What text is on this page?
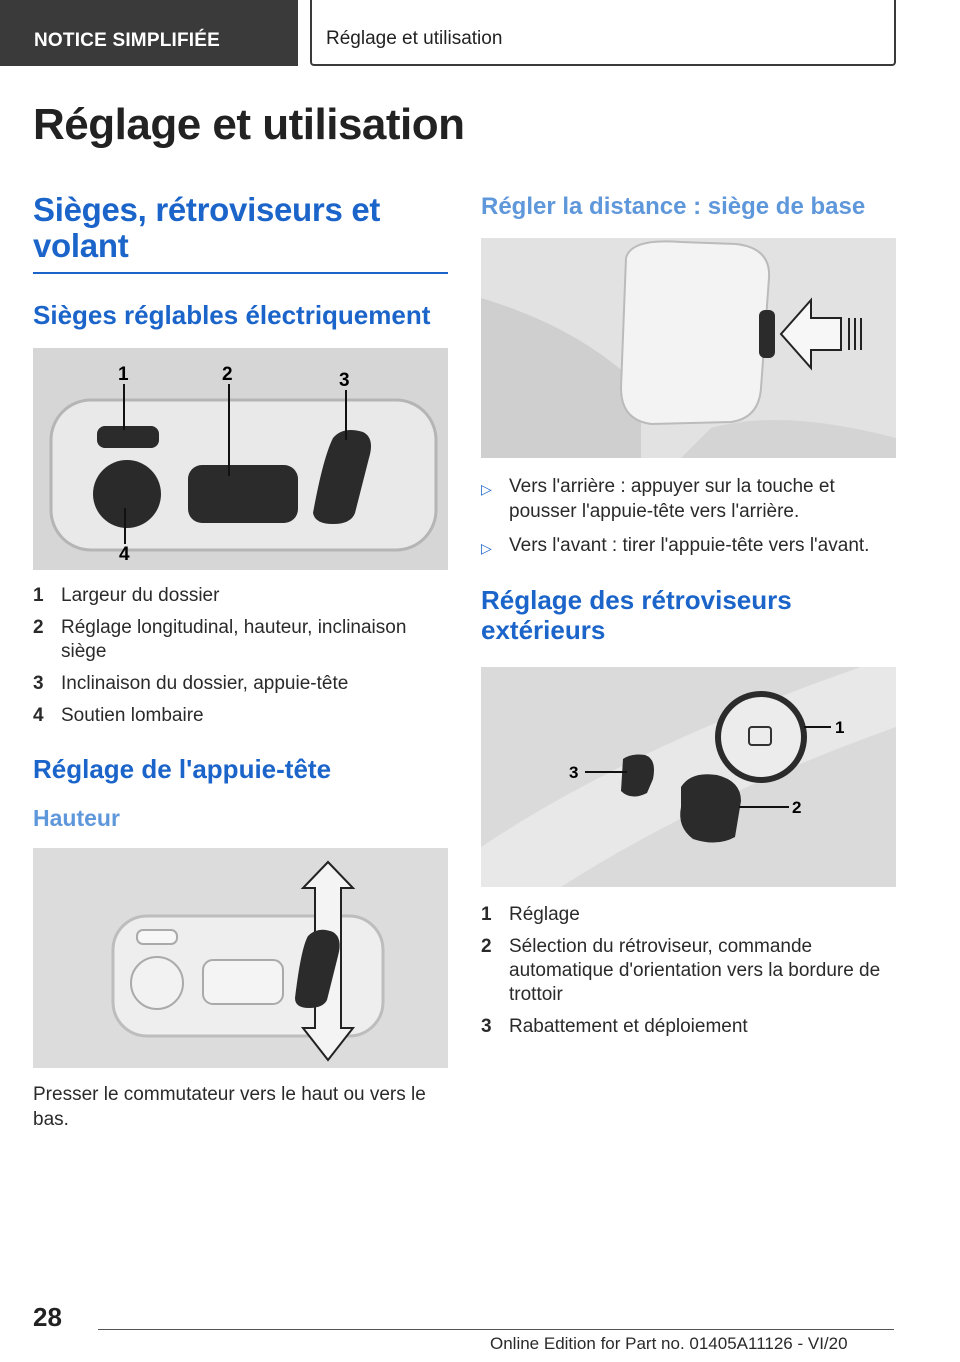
NOTICE SIMPLIFIÉE	Réglage et utilisation
Réglage et utilisation
Sièges, rétroviseurs et volant
Sièges réglables électriquement
1	2	3
4
1 Largeur du dossier
2 Réglage longitudinal, hauteur, inclinaison siège
3 Inclinaison du dossier, appuie-tête
4 Soutien lombaire
Réglage de l'appuie-tête
Hauteur
Presser le commutateur vers le haut ou vers le bas.
Régler la distance : siège de base
▷ Vers l'arrière : appuyer sur la touche et pousser l'appuie-tête vers l'arrière.
▷ Vers l'avant : tirer l'appuie-tête vers l'avant.
Réglage des rétroviseurs extérieurs
1
2
3
1 Réglage
2 Sélection du rétroviseur, commande automatique d'orientation vers la bordure de trottoir
3 Rabattement et déploiement
28
Online Edition for Part no. 01405A11126 - VI/20
